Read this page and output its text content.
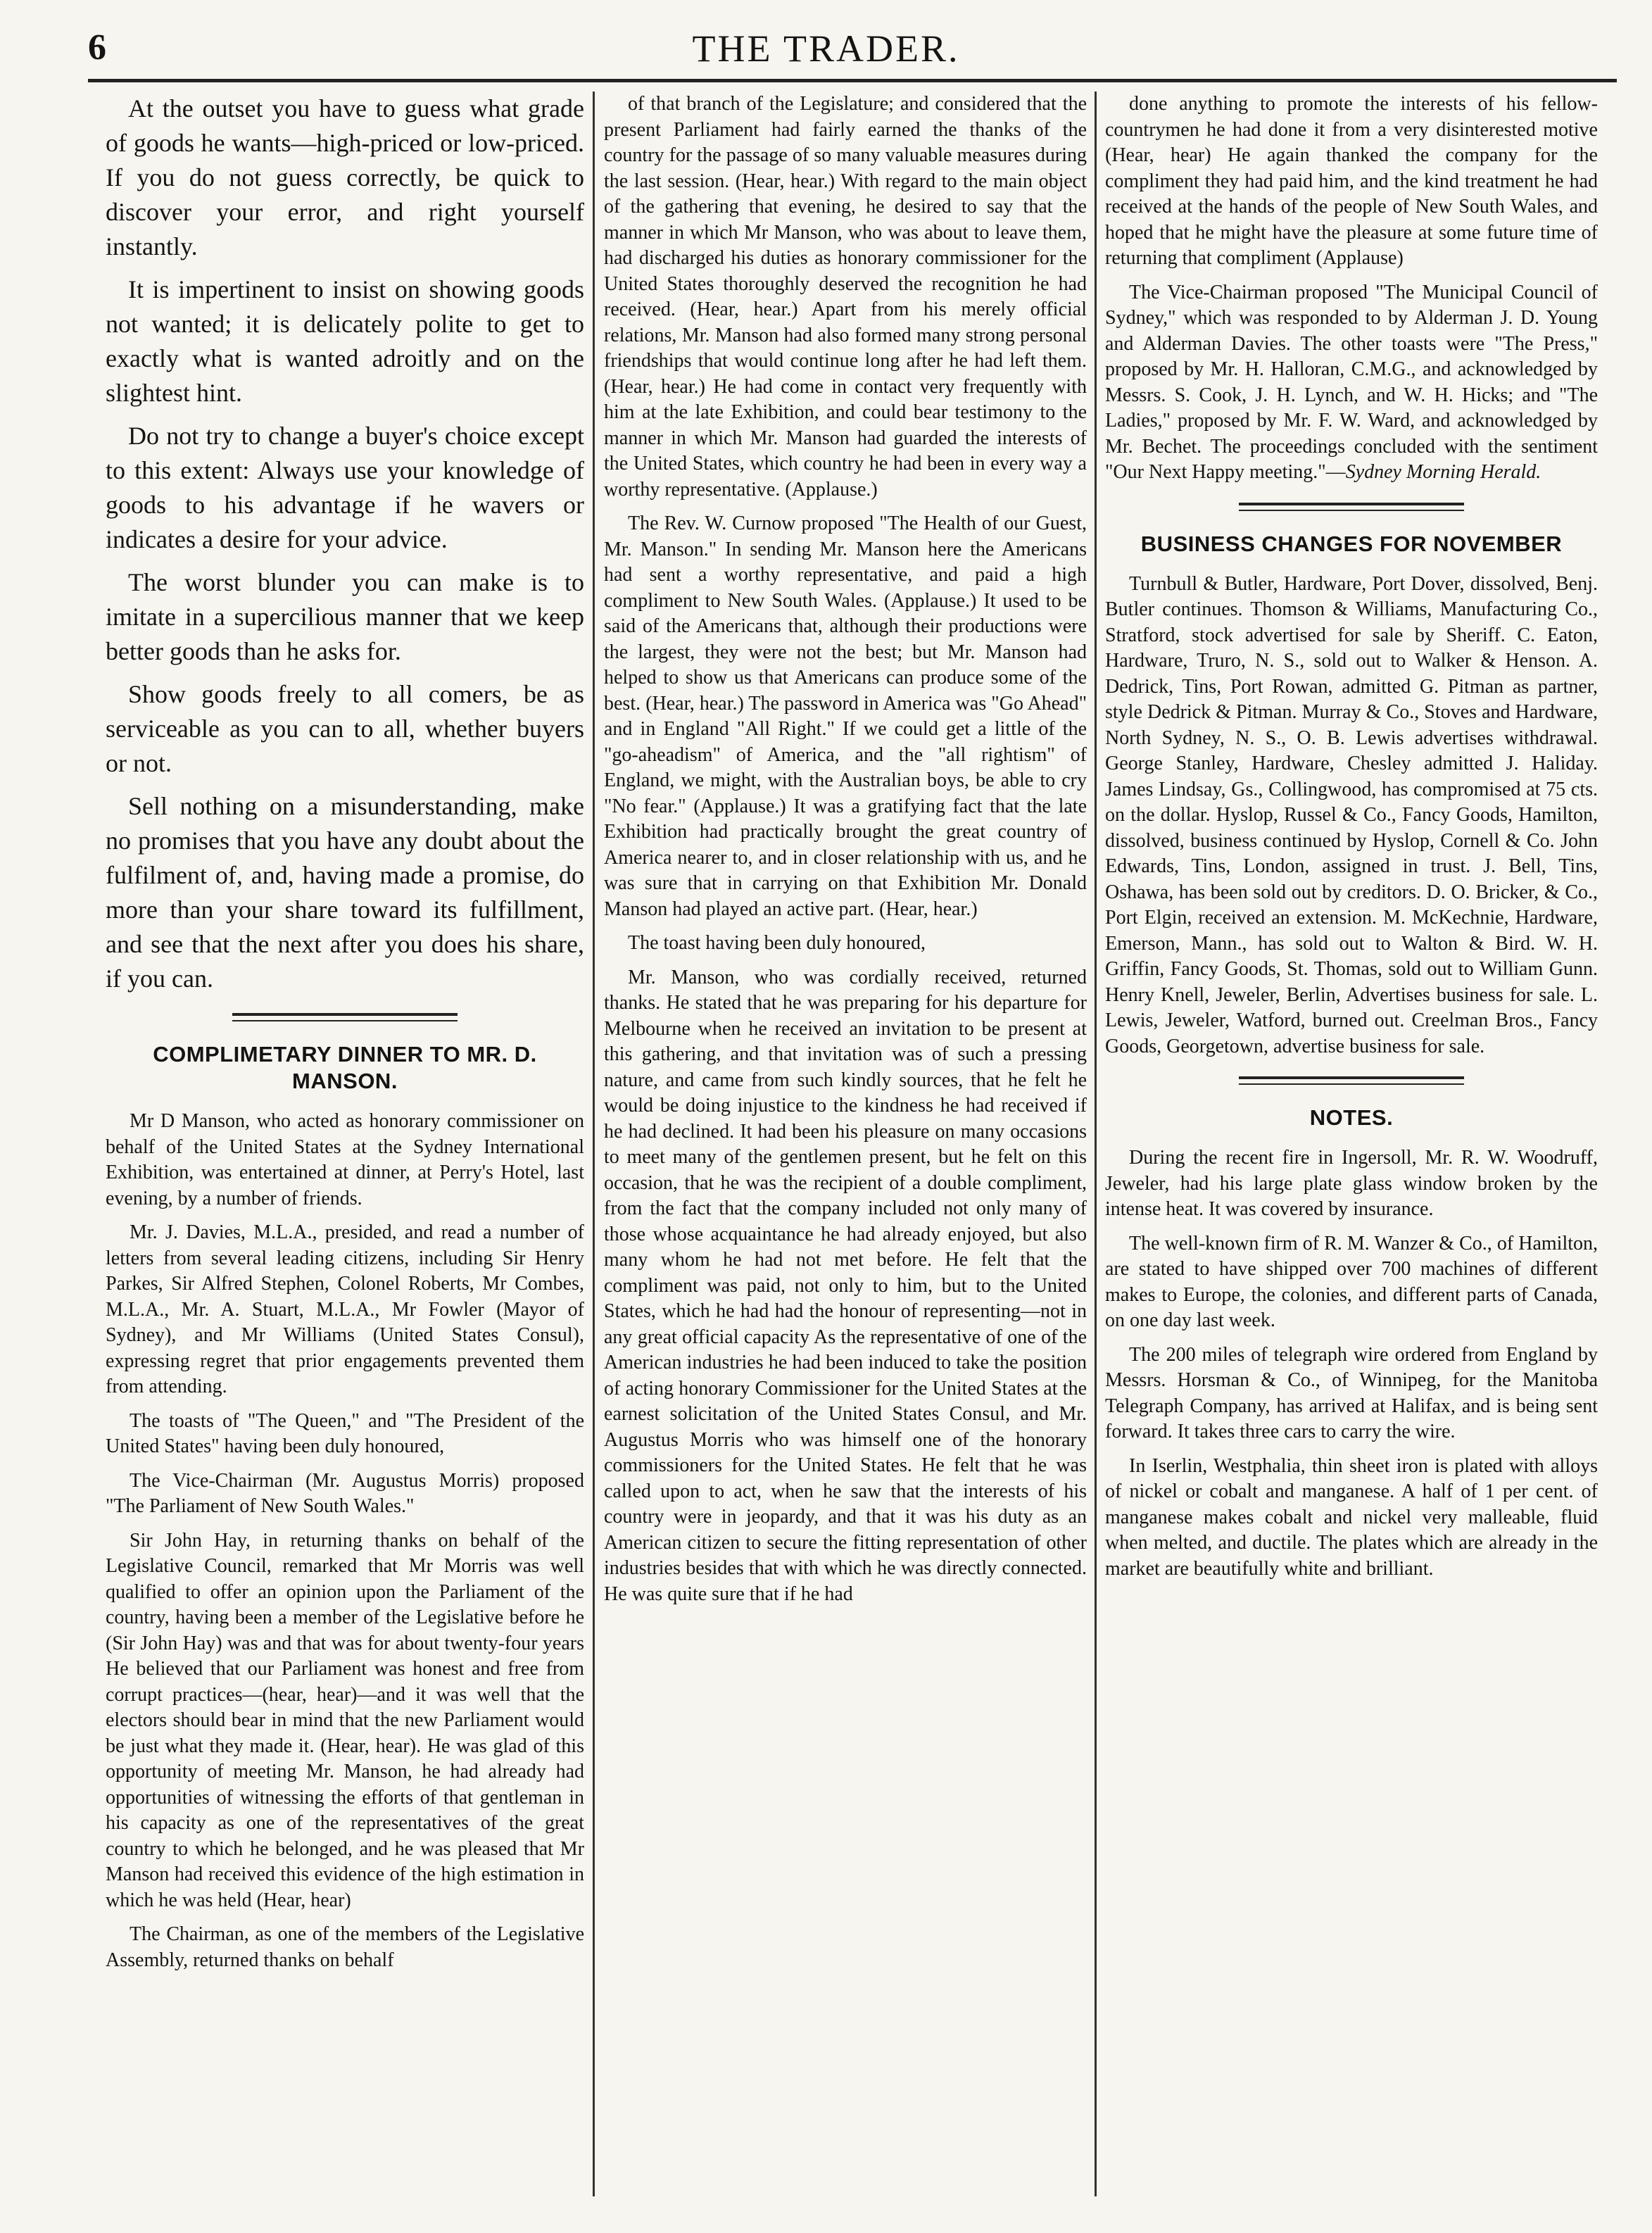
6	THE TRADER.

At the outset you have to guess what grade of goods he wants—high-priced or low-priced. If you do not guess correctly, be quick to discover your error, and right yourself instantly.

It is impertinent to insist on showing goods not wanted; it is delicately polite to get to exactly what is wanted adroitly and on the slightest hint.

Do not try to change a buyer's choice except to this extent: Always use your knowledge of goods to his advantage if he wavers or indicates a desire for your advice.

The worst blunder you can make is to imitate in a supercilious manner that we keep better goods than he asks for.

Show goods freely to all comers, be as serviceable as you can to all, whether buyers or not.

Sell nothing on a misunderstanding, make no promises that you have any doubt about the fulfilment of, and, having made a promise, do more than your share toward its fulfillment, and see that the next after you does his share, if you can.

COMPLIMETARY DINNER TO MR. D. MANSON.

Mr D Manson, who acted as honorary commissioner on behalf of the United States at the Sydney International Exhibition, was entertained at dinner, at Perry's Hotel, last evening, by a number of friends.

Mr. J. Davies, M.L.A., presided, and read a number of letters from several leading citizens, including Sir Henry Parkes, Sir Alfred Stephen, Colonel Roberts, Mr Combes, M.L.A., Mr. A. Stuart, M.L.A., Mr Fowler (Mayor of Sydney), and Mr Williams (United States Consul), expressing regret that prior engagements prevented them from attending.

The toasts of "The Queen," and "The President of the United States" having been duly honoured,

The Vice-Chairman (Mr. Augustus Morris) proposed "The Parliament of New South Wales."

Sir John Hay, in returning thanks on behalf of the Legislative Council, remarked that Mr Morris was well qualified to offer an opinion upon the Parliament of the country, having been a member of the Legislative before he (Sir John Hay) was and that was for about twenty-four years He believed that our Parliament was honest and free from corrupt practices—(hear, hear)—and it was well that the electors should bear in mind that the new Parliament would be just what they made it. (Hear, hear). He was glad of this opportunity of meeting Mr. Manson, he had already had opportunities of witnessing the efforts of that gentleman in his capacity as one of the representatives of the great country to which he belonged, and he was pleased that Mr Manson had received this evidence of the high estimation in which he was held (Hear, hear)

The Chairman, as one of the members of the Legislative Assembly, returned thanks on behalf

of that branch of the Legislature; and considered that the present Parliament had fairly earned the thanks of the country for the passage of so many valuable measures during the last session. (Hear, hear.) With regard to the main object of the gathering that evening, he desired to say that the manner in which Mr Manson, who was about to leave them, had discharged his duties as honorary commissioner for the United States thoroughly deserved the recognition he had received. (Hear, hear.) Apart from his merely official relations, Mr. Manson had also formed many strong personal friendships that would continue long after he had left them. (Hear, hear.) He had come in contact very frequently with him at the late Exhibition, and could bear testimony to the manner in which Mr. Manson had guarded the interests of the United States, which country he had been in every way a worthy representative. (Applause.)

The Rev. W. Curnow proposed "The Health of our Guest, Mr. Manson." In sending Mr. Manson here the Americans had sent a worthy representative, and paid a high compliment to New South Wales. (Applause.) It used to be said of the Americans that, although their productions were the largest, they were not the best; but Mr. Manson had helped to show us that Americans can produce some of the best. (Hear, hear.) The password in America was "Go Ahead" and in England "All Right." If we could get a little of the "go-aheadism" of America, and the "all rightism" of England, we might, with the Australian boys, be able to cry "No fear." (Applause.) It was a gratifying fact that the late Exhibition had practically brought the great country of America nearer to, and in closer relationship with us, and he was sure that in carrying on that Exhibition Mr. Donald Manson had played an active part. (Hear, hear.)

The toast having been duly honoured,

Mr. Manson, who was cordially received, returned thanks. He stated that he was preparing for his departure for Melbourne when he received an invitation to be present at this gathering, and that invitation was of such a pressing nature, and came from such kindly sources, that he felt he would be doing injustice to the kindness he had received if he had declined. It had been his pleasure on many occasions to meet many of the gentlemen present, but he felt on this occasion, that he was the recipient of a double compliment, from the fact that the company included not only many of those whose acquaintance he had already enjoyed, but also many whom he had not met before. He felt that the compliment was paid, not only to him, but to the United States, which he had had the honour of representing—not in any great official capacity As the representative of one of the American industries he had been induced to take the position of acting honorary Commissioner for the United States at the earnest solicitation of the United States Consul, and Mr. Augustus Morris who was himself one of the honorary commissioners for the United States. He felt that he was called upon to act, when he saw that the interests of his country were in jeopardy, and that it was his duty as an American citizen to secure the fitting representation of other industries besides that with which he was directly connected. He was quite sure that if he had

done anything to promote the interests of his fellow-countrymen he had done it from a very disinterested motive (Hear, hear) He again thanked the company for the compliment they had paid him, and the kind treatment he had received at the hands of the people of New South Wales, and hoped that he might have the pleasure at some future time of returning that compliment (Applause)

The Vice-Chairman proposed "The Municipal Council of Sydney," which was responded to by Alderman J. D. Young and Alderman Davies. The other toasts were "The Press," proposed by Mr. H. Halloran, C.M.G., and acknowledged by Messrs. S. Cook, J. H. Lynch, and W. H. Hicks; and "The Ladies," proposed by Mr. F. W. Ward, and acknowledged by Mr. Bechet. The proceedings concluded with the sentiment "Our Next Happy meeting."—Sydney Morning Herald.

BUSINESS CHANGES FOR NOVEMBER

Turnbull & Butler, Hardware, Port Dover, dissolved, Benj. Butler continues. Thomson & Williams, Manufacturing Co., Stratford, stock advertised for sale by Sheriff. C. Eaton, Hardware, Truro, N. S., sold out to Walker & Henson. A. Dedrick, Tins, Port Rowan, admitted G. Pitman as partner, style Dedrick & Pitman. Murray & Co., Stoves and Hardware, North Sydney, N. S., O. B. Lewis advertises withdrawal. George Stanley, Hardware, Chesley admitted J. Haliday. James Lindsay, Gs., Collingwood, has compromised at 75 cts. on the dollar. Hyslop, Russel & Co., Fancy Goods, Hamilton, dissolved, business continued by Hyslop, Cornell & Co. John Edwards, Tins, London, assigned in trust. J. Bell, Tins, Oshawa, has been sold out by creditors. D. O. Bricker, & Co., Port Elgin, received an extension. M. McKechnie, Hardware, Emerson, Mann., has sold out to Walton & Bird. W. H. Griffin, Fancy Goods, St. Thomas, sold out to William Gunn. Henry Knell, Jeweler, Berlin, Advertises business for sale. L. Lewis, Jeweler, Watford, burned out. Creelman Bros., Fancy Goods, Georgetown, advertise business for sale.

NOTES.

During the recent fire in Ingersoll, Mr. R. W. Woodruff, Jeweler, had his large plate glass window broken by the intense heat. It was covered by insurance.

The well-known firm of R. M. Wanzer & Co., of Hamilton, are stated to have shipped over 700 machines of different makes to Europe, the colonies, and different parts of Canada, on one day last week.

The 200 miles of telegraph wire ordered from England by Messrs. Horsman & Co., of Winnipeg, for the Manitoba Telegraph Company, has arrived at Halifax, and is being sent forward. It takes three cars to carry the wire.

In Iserlin, Westphalia, thin sheet iron is plated with alloys of nickel or cobalt and manganese. A half of 1 per cent. of manganese makes cobalt and nickel very malleable, fluid when melted, and ductile. The plates which are already in the market are beautifully white and brilliant.
